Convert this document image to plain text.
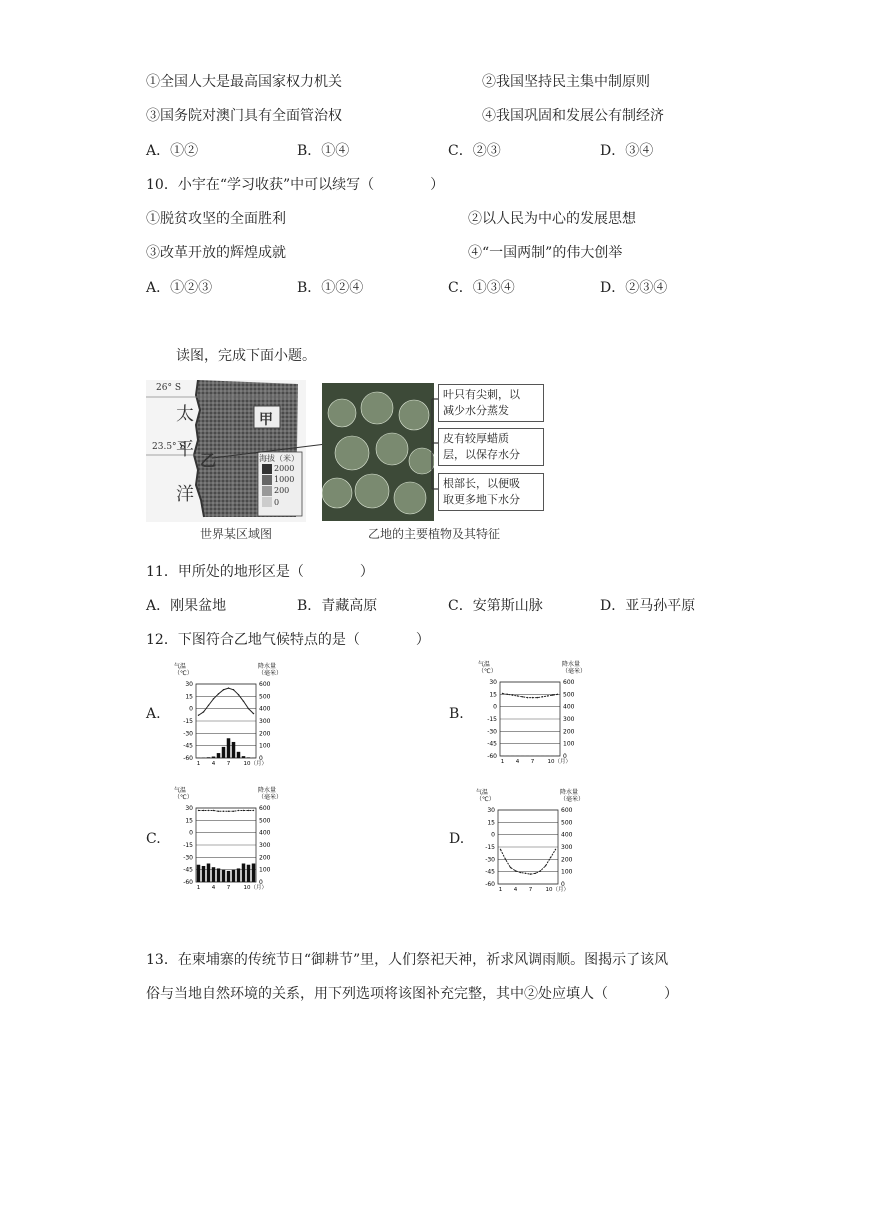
①全国人大是最高国家权力机关	②我国坚持民主集中制原则
③国务院对澳门具有全面管治权	④我国巩固和发展公有制经济
A．①②	B．①④	C．②③	D．③④
10．小宇在“学习收获”中可以续写（　　　　）
①脱贫攻坚的全面胜利	②以人民为中心的发展思想
③改革开放的辉煌成就	④“一国两制”的伟大创举
A．①②③	B．①②④	C．①③④	D．②③④
读图，完成下面小题。
26° S
23.5° S
太
平
洋
甲
乙	海拔（米）
2000
1000
200
0
世界某区域图
叶只有尖刺，以
减少水分蒸发
皮有较厚蜡质
层，以保存水分
根部长，以便吸
取更多地下水分
乙地的主要植物及其特征
11．甲所处的地形区是（　　　　）
A．刚果盆地	B．青藏高原	C．安第斯山脉	D．亚马孙平原
12．下图符合乙地气候特点的是（　　　　）
A.	B.
C.	D.
气温
（℃）
降水量
（毫米）
30	600
15	500
0	400
-15	300
-30	200
-45	100
-60	0
1 4 7 10（月）
气温
（℃）
降水量
（毫米）
30	600
15	500
0	400
-15	300
-30	200
-45	100
-60	0
1 4 7 10（月）
气温
（℃）
降水量
（毫米）
30	600
15	500
0	400
-15	300
-30	200
-45	100
-60	0
1 4 7 10（月）
气温
（℃）
降水量
（毫米）
30	600
15	500
0	400
-15	300
-30	200
-45	100
-60	0
1 4 7 10（月）
13．在柬埔寨的传统节日“御耕节”里，人们祭祀天神，祈求风调雨顺。图揭示了该风
俗与当地自然环境的关系，用下列选项将该图补充完整，其中②处应填人（　　　　）
